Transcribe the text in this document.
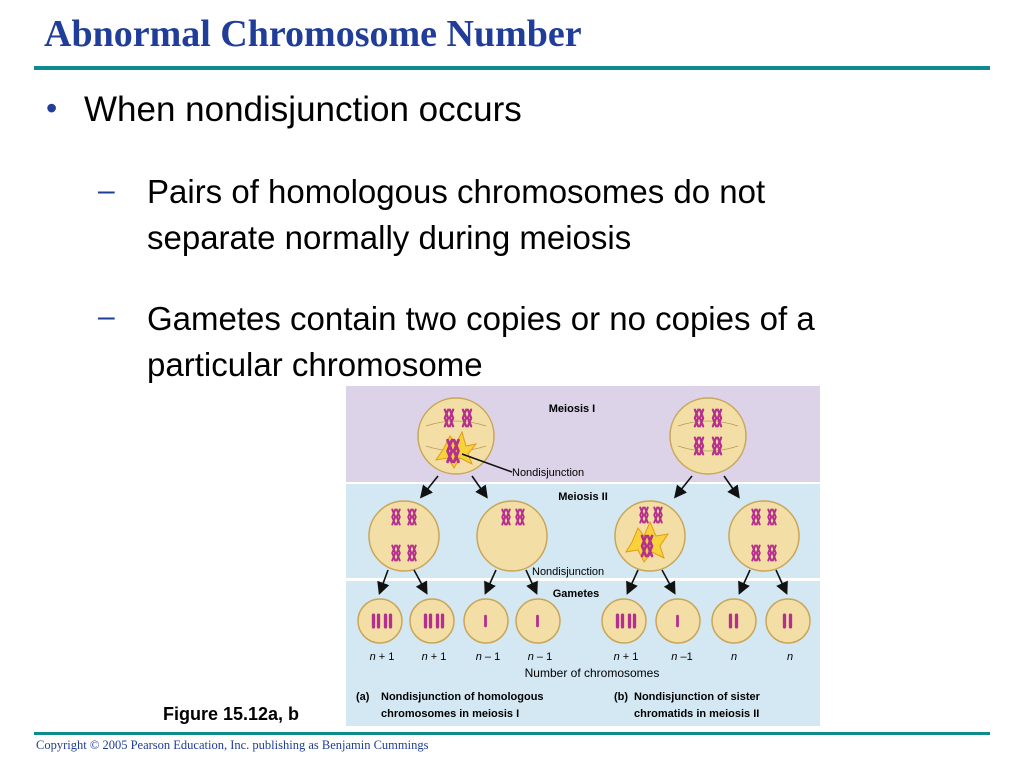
Abnormal Chromosome Number
• When nondisjunction occurs
– Pairs of homologous chromosomes do not
separate normally during meiosis
– Gametes contain two copies or no copies of a
particular chromosome
Meiosis I
Meiosis II
Gametes
Nondisjunction
Nondisjunction
n + 1 n + 1	n – 1	n – 1	n + 1	n –1	n	n
Number of chromosomes
(a) Nondisjunction of homologous
chromosomes in meiosis I
(b) Nondisjunction of sister
chromatids in meiosis II
Figure 15.12a, b
Copyright © 2005 Pearson Education, Inc. publishing as Benjamin Cummings
